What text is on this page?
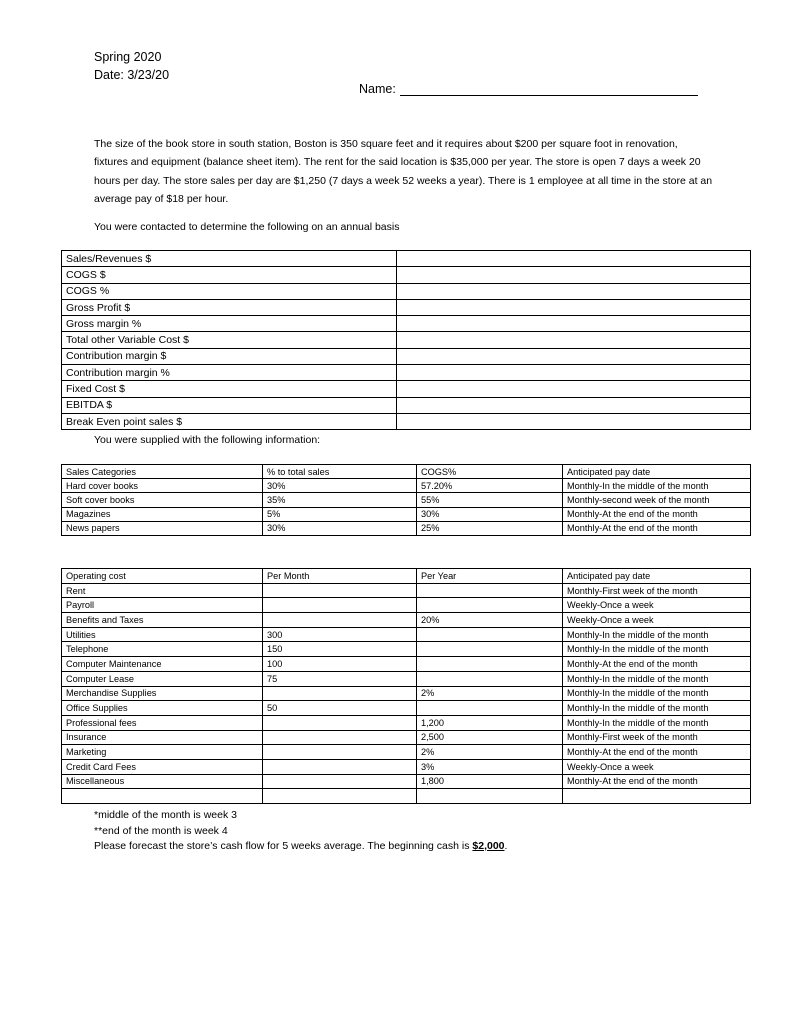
Spring 2020
Date: 3/23/20
Name:
The size of the book store in south station, Boston is 350 square feet and it requires about $200 per square foot in renovation, fixtures and equipment (balance sheet item). The rent for the said location is $35,000 per year. The store is open 7 days a week 20 hours per day. The store sales per day are $1,250 (7 days a week 52 weeks a year). There is 1 employee at all time in the store at an average pay of $18 per hour.
You were contacted to determine the following on an annual basis
Sales/Revenues $	
COGS $	
COGS %	
Gross Profit $	
Gross margin %	
Total other Variable Cost $	
Contribution margin $	
Contribution margin %	
Fixed Cost $	
EBITDA $	
Break Even point sales $	
You were supplied with the following information:
Sales Categories	% to total sales	COGS%	Anticipated pay date
Hard cover books	30%	57.20%	Monthly-In the middle of the month
Soft cover books	35%	55%	Monthly-second week of the month
Magazines	5%	30%	Monthly-At the end of the month
News papers	30%	25%	Monthly-At the end of the month
Operating cost	Per Month	Per Year	Anticipated pay date
Rent			Monthly-First week of the month
Payroll			Weekly-Once a week
Benefits and Taxes		20%	Weekly-Once a week
Utilities	300		Monthly-In the middle of the month
Telephone	150		Monthly-In the middle of the month
Computer Maintenance	100		Monthly-At the end of the month
Computer Lease	75		Monthly-In the middle of the month
Merchandise Supplies		2%	Monthly-In the middle of the month
Office Supplies	50		Monthly-In the middle of the month
Professional fees		1,200	Monthly-In the middle of the month
Insurance		2,500	Monthly-First week of the month
Marketing		2%	Monthly-At the end of the month
Credit Card Fees		3%	Weekly-Once a week
Miscellaneous		1,800	Monthly-At the end of the month

*middle of the month is week 3
**end of the month is week 4
Please forecast the store’s cash flow for 5 weeks average. The beginning cash is $2,000.
